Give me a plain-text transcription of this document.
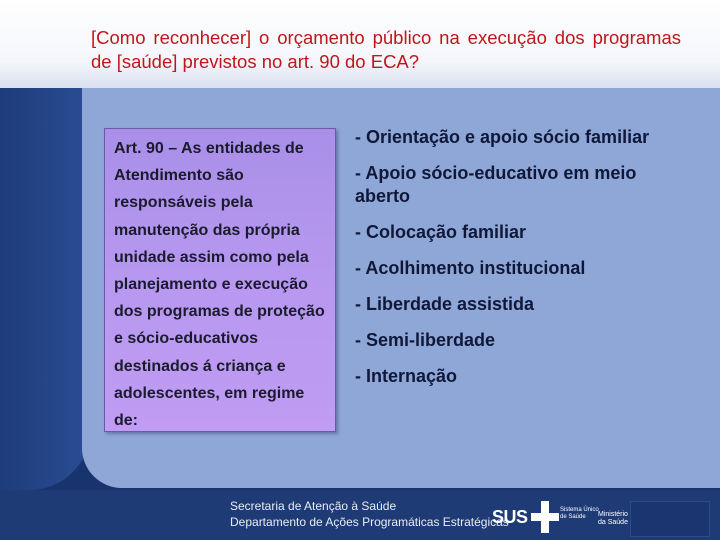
[Como reconhecer] o orçamento público na execução dos programas de [saúde] previstos no art. 90 do ECA?

Art. 90 – As entidades de Atendimento são responsáveis pela manutenção das própria unidade assim como pela planejamento e execução dos programas de proteção e sócio-educativos destinados á criança e adolescentes, em regime de:

- Orientação e apoio sócio familiar
- Apoio sócio-educativo em meio aberto
- Colocação familiar
- Acolhimento institucional
- Liberdade assistida
- Semi-liberdade
- Internação
Secretaria de Atenção à Saúde
Departamento de Ações Programáticas Estratégicas
SUS	Sistema Único de Saúde	Ministério da Saúde
